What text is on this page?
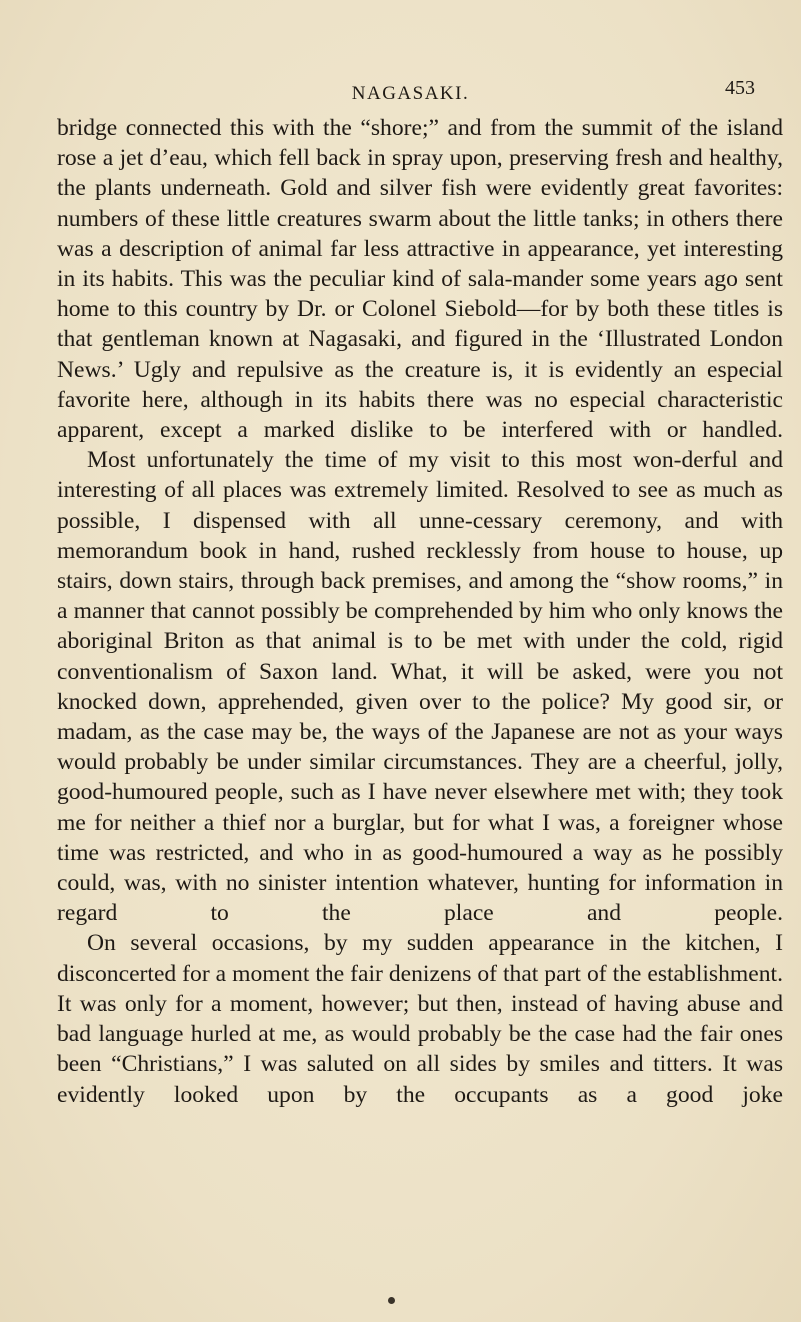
NAGASAKI.	453

bridge connected this with the “shore;” and from the summit of the island rose a jet d’eau, which fell back in spray upon, preserving fresh and healthy, the plants underneath. Gold and silver fish were evidently great favorites: numbers of these little creatures swarm about the little tanks; in others there was a description of animal far less attractive in appearance, yet interesting in its habits. This was the peculiar kind of sala-mander some years ago sent home to this country by Dr. or Colonel Siebold—for by both these titles is that gentleman known at Nagasaki, and figured in the ‘Illustrated London News.’ Ugly and repulsive as the creature is, it is evidently an especial favorite here, although in its habits there was no especial characteristic apparent, except a marked dislike to be interfered with or handled.

Most unfortunately the time of my visit to this most won-derful and interesting of all places was extremely limited. Resolved to see as much as possible, I dispensed with all unne-cessary ceremony, and with memorandum book in hand, rushed recklessly from house to house, up stairs, down stairs, through back premises, and among the “show rooms,” in a manner that cannot possibly be comprehended by him who only knows the aboriginal Briton as that animal is to be met with under the cold, rigid conventionalism of Saxon land. What, it will be asked, were you not knocked down, apprehended, given over to the police? My good sir, or madam, as the case may be, the ways of the Japanese are not as your ways would probably be under similar circumstances. They are a cheerful, jolly, good-humoured people, such as I have never elsewhere met with; they took me for neither a thief nor a burglar, but for what I was, a foreigner whose time was restricted, and who in as good-humoured a way as he possibly could, was, with no sinister intention whatever, hunting for information in regard to the place and people.

On several occasions, by my sudden appearance in the kitchen, I disconcerted for a moment the fair denizens of that part of the establishment. It was only for a moment, however; but then, instead of having abuse and bad language hurled at me, as would probably be the case had the fair ones been “Christians,” I was saluted on all sides by smiles and titters. It was evidently looked upon by the occupants as a good joke
